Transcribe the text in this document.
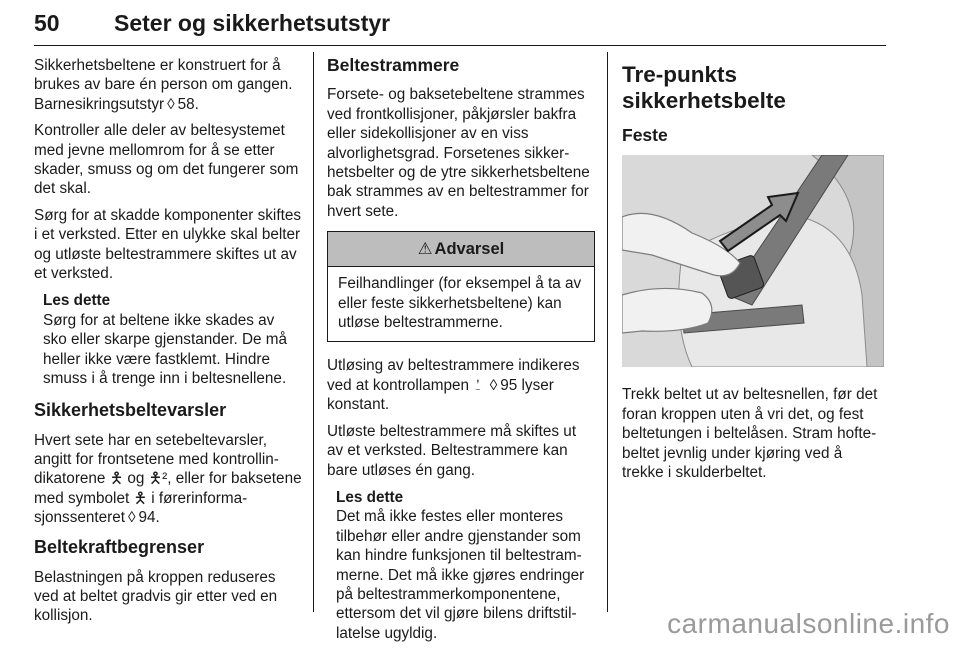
50 Seter og sikkerhetsutstyr

Sikkerhetsbeltene er konstruert for å brukes av bare én person om gangen. Barnesikringsutstyr ◊ 58.

Kontroller alle deler av beltesystemet med jevne mellomrom for å se etter skader, smuss og om det fungerer som det skal.

Sørg for at skadde komponenter skiftes i et verksted. Etter en ulykke skal belter og utløste beltestrammere skiftes ut av et verksted.

Les dette
Sørg for at beltene ikke skades av sko eller skarpe gjenstander. De må heller ikke være fastklemt. Hindre smuss i å trenge inn i beltesnellene.
Sikkerhetsbeltevarsler

Hvert sete har en setebeltevarsler, angitt for frontsetene med kontrollindikatorene 🯅 og 🯅², eller for baksetene med symbolet 🯅 i førerinformasjonssenteret ◊ 94.

Beltekraftbegrenser

Belastningen på kroppen reduseres ved at beltet gradvis gir etter ved en kollisjon.

Beltestrammere

Forsete- og baksetebeltene strammes ved frontkollisjoner, påkjørsler bakfra eller sidekollisjoner av en viss alvorlighetsgrad. Forsetenes sikkerhetsbelter og de ytre sikkerhetsbeltene bak strammes av en beltestrammer for hvert sete.

⚠ Advarsel
Feilhandlinger (for eksempel å ta av eller feste sikkerhetsbeltene) kan utløse beltestrammerne.

Utløsing av beltestrammere indikeres ved at kontrollampen ⍘ ◊ 95 lyser konstant.

Utløste beltestrammere må skiftes ut av et verksted. Beltestrammere kan bare utløses én gang.

Les dette
Det må ikke festes eller monteres tilbehør eller andre gjenstander som kan hindre funksjonen til beltestrammerne. Det må ikke gjøres endringer på beltestrammerkomponentene, ettersom det vil gjøre bilens driftstillatelse ugyldig.
Tre-punkts sikkerhetsbelte
Feste

Trekk beltet ut av beltesnellen, før det foran kroppen uten å vri det, og fest beltetungen i beltelåsen. Stram hoftebeltet jevnlig under kjøring ved å trekke i skulderbeltet.

carmanualsonline.info
